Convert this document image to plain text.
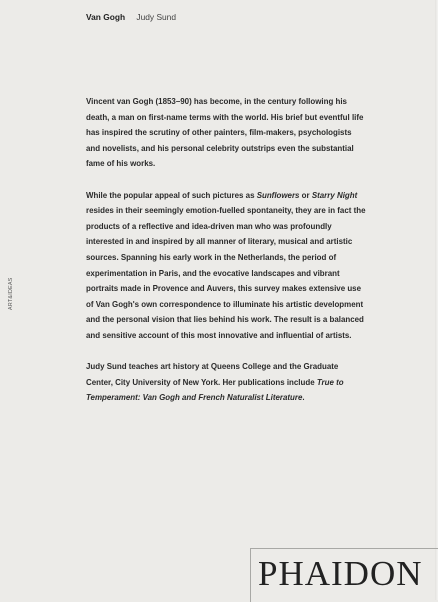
Van Gogh Judy Sund
ART&IDEAS

Vincent van Gogh (1853–90) has become, in the century following his death, a man on first-name terms with the world. His brief but eventful life has inspired the scrutiny of other painters, film-makers, psychologists and novelists, and his personal celebrity outstrips even the substantial fame of his works.

While the popular appeal of such pictures as Sunflowers or Starry Night resides in their seemingly emotion-fuelled spontaneity, they are in fact the products of a reflective and idea-driven man who was profoundly interested in and inspired by all manner of literary, musical and artistic sources. Spanning his early work in the Netherlands, the period of experimentation in Paris, and the evocative landscapes and vibrant portraits made in Provence and Auvers, this survey makes extensive use of Van Gogh's own correspondence to illuminate his artistic development and the personal vision that lies behind his work. The result is a balanced and sensitive account of this most innovative and influential of artists.

Judy Sund teaches art history at Queens College and the Graduate Center, City University of New York. Her publications include True to Temperament: Van Gogh and French Naturalist Literature.

PHAIDON
